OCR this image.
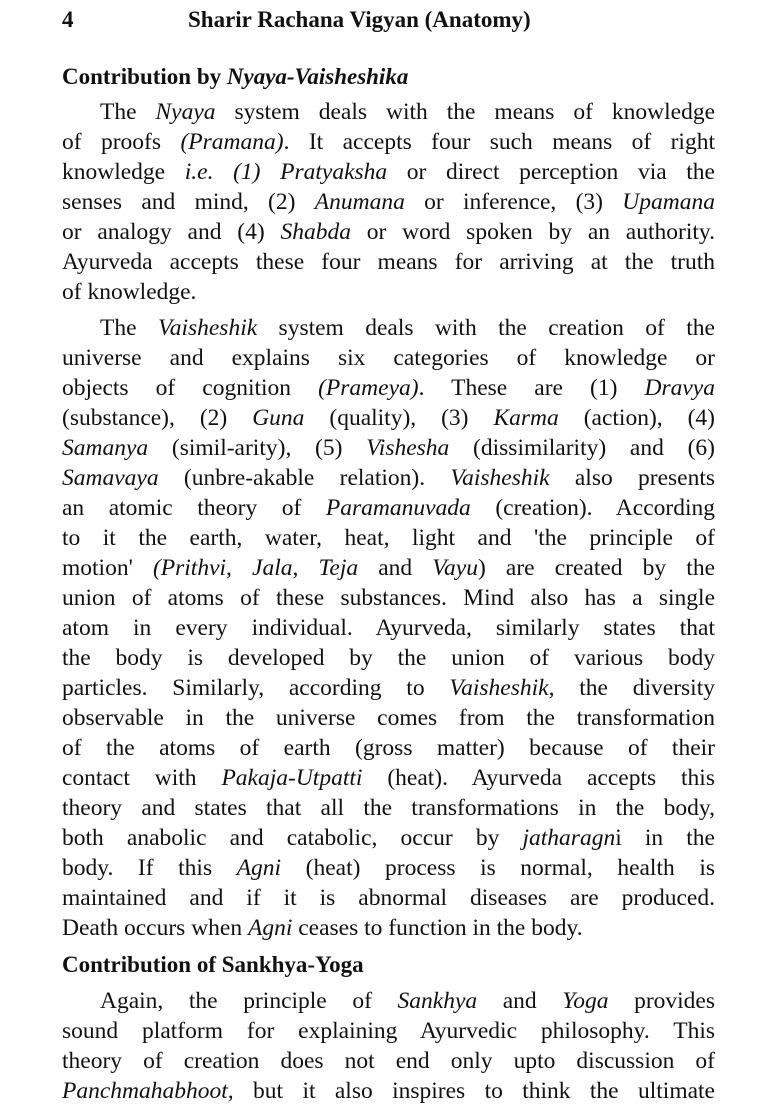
4	Sharir Rachana Vigyan (Anatomy)
Contribution by Nyaya-Vaisheshika
The Nyaya system deals with the means of knowledge
of proofs (Pramana). It accepts four such means of right
knowledge i.e. (1) Pratyaksha or direct perception via the
senses and mind, (2) Anumana or inference, (3) Upamana
or analogy and (4) Shabda or word spoken by an authority.
Ayurveda accepts these four means for arriving at the truth
of knowledge.
The Vaisheshik system deals with the creation of the
universe and explains six categories of knowledge or
objects of cognition (Prameya). These are (1) Dravya
(substance), (2) Guna (quality), (3) Karma (action), (4)
Samanya (simil-arity), (5) Vishesha (dissimilarity) and (6)
Samavaya (unbre-akable relation). Vaisheshik also presents
an atomic theory of Paramanuvada (creation). According
to it the earth, water, heat, light and 'the principle of
motion' (Prithvi, Jala, Teja and Vayu) are created by the
union of atoms of these substances. Mind also has a single
atom in every individual. Ayurveda, similarly states that
the body is developed by the union of various body
particles. Similarly, according to Vaisheshik, the diversity
observable in the universe comes from the transformation
of the atoms of earth (gross matter) because of their
contact with Pakaja-Utpatti (heat). Ayurveda accepts this
theory and states that all the transformations in the body,
both anabolic and catabolic, occur by jatharagni in the
body. If this Agni (heat) process is normal, health is
maintained and if it is abnormal diseases are produced.
Death occurs when Agni ceases to function in the body.
Contribution of Sankhya-Yoga
Again, the principle of Sankhya and Yoga provides
sound platform for explaining Ayurvedic philosophy. This
theory of creation does not end only upto discussion of
Panchmahabhoot, but it also inspires to think the ultimate
